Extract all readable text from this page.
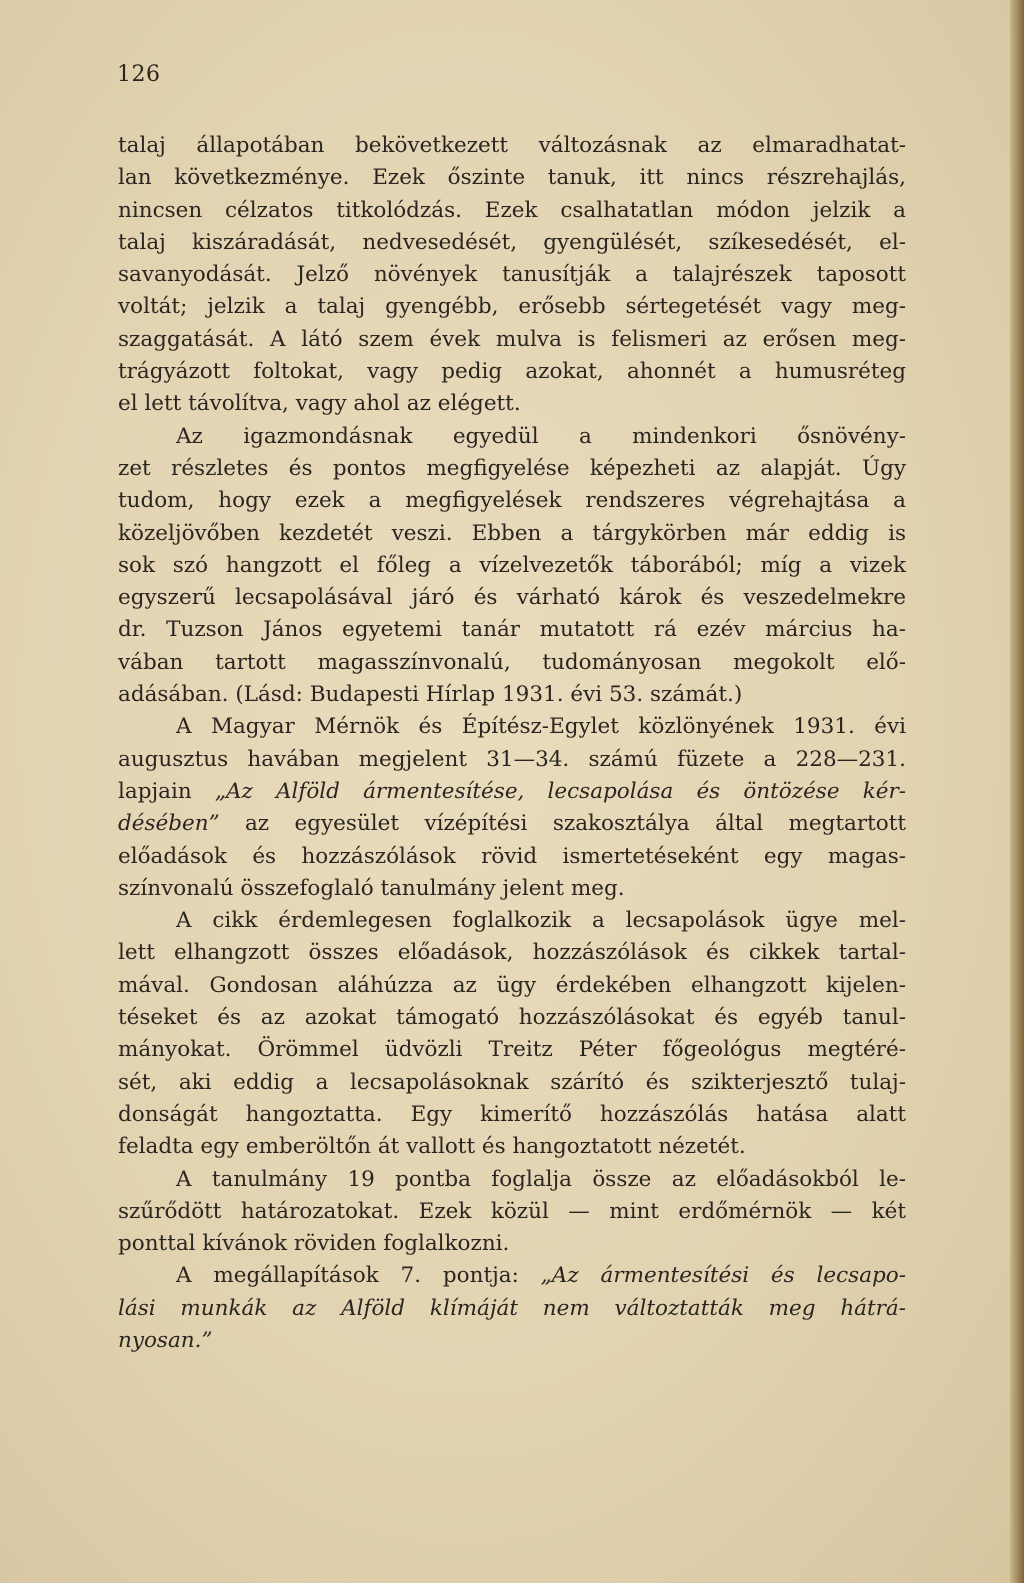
126
talaj állapotában bekövetkezett változásnak az elmaradhatat-
lan következménye. Ezek őszinte tanuk, itt nincs részrehajlás,
nincsen célzatos titkolódzás. Ezek csalhatatlan módon jelzik a
talaj kiszáradását, nedvesedését, gyengülését, szíkesedését, el-
savanyodását. Jelző növények tanusítják a talajrészek taposott
voltát; jelzik a talaj gyengébb, erősebb sértegetését vagy meg-
szaggatását. A látó szem évek mulva is felismeri az erősen meg-
trágyázott foltokat, vagy pedig azokat, ahonnét a humusréteg
el lett távolítva, vagy ahol az elégett.
Az igazmondásnak egyedül a mindenkori ősnövény-
zet részletes és pontos megfigyelése képezheti az alapját. Úgy
tudom, hogy ezek a megfigyelések rendszeres végrehajtása a
közeljövőben kezdetét veszi. Ebben a tárgykörben már eddig is
sok szó hangzott el főleg a vízelvezetők táborából; míg a vizek
egyszerű lecsapolásával járó és várható károk és veszedelmekre
dr. Tuzson János egyetemi tanár mutatott rá ezév március ha-
vában tartott magasszínvonalú, tudományosan megokolt elő-
adásában. (Lásd: Budapesti Hírlap 1931. évi 53. számát.)
A Magyar Mérnök és Építész-Egylet közlönyének 1931. évi
augusztus havában megjelent 31—34. számú füzete a 228—231.
lapjain „Az Alföld ármentesítése, lecsapolása és öntözése kér-
désében” az egyesület vízépítési szakosztálya által megtartott
előadások és hozzászólások rövid ismertetéseként egy magas-
színvonalú összefoglaló tanulmány jelent meg.
A cikk érdemlegesen foglalkozik a lecsapolások ügye mel-
lett elhangzott összes előadások, hozzászólások és cikkek tartal-
mával. Gondosan aláhúzza az ügy érdekében elhangzott kijelen-
téseket és az azokat támogató hozzászólásokat és egyéb tanul-
mányokat. Örömmel üdvözli Treitz Péter főgeológus megtéré-
sét, aki eddig a lecsapolásoknak szárító és szikterjesztő tulaj-
donságát hangoztatta. Egy kimerítő hozzászólás hatása alatt
feladta egy emberöltőn át vallott és hangoztatott nézetét.
A tanulmány 19 pontba foglalja össze az előadásokból le-
szűrődött határozatokat. Ezek közül — mint erdőmérnök — két
ponttal kívánok röviden foglalkozni.
A megállapítások 7. pontja: „Az ármentesítési és lecsapo-
lási munkák az Alföld klímáját nem változtatták meg hátrá-
nyosan.”
